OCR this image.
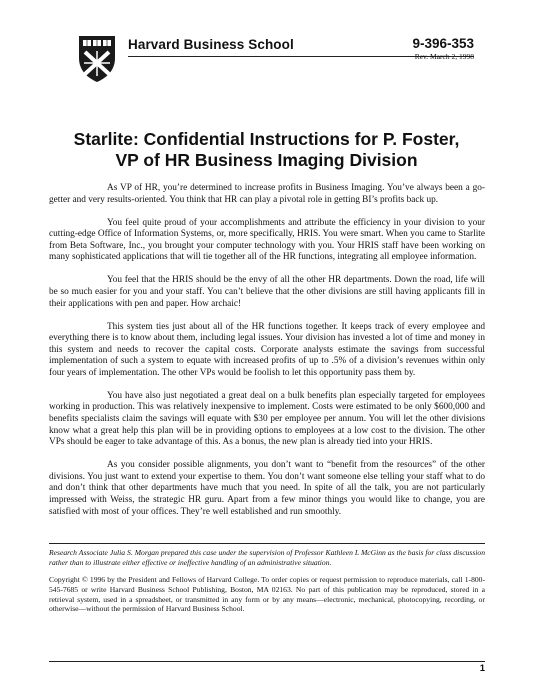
Harvard Business School	9-396-353
Rev. March 2, 1998
Starlite: Confidential Instructions for P. Foster,
VP of HR Business Imaging Division

As VP of HR, you’re determined to increase profits in Business Imaging. You’ve always been a go-getter and very results-oriented. You think that HR can play a pivotal role in getting BI’s profits back up.

You feel quite proud of your accomplishments and attribute the efficiency in your division to your cutting-edge Office of Information Systems, or, more specifically, HRIS. You were smart. When you came to Starlite from Beta Software, Inc., you brought your computer technology with you. Your HRIS staff have been working on many sophisticated applications that will tie together all of the HR functions, integrating all employee information.

You feel that the HRIS should be the envy of all the other HR departments. Down the road, life will be so much easier for you and your staff. You can’t believe that the other divisions are still having applicants fill in their applications with pen and paper. How archaic!

This system ties just about all of the HR functions together. It keeps track of every employee and everything there is to know about them, including legal issues. Your division has invested a lot of time and money in this system and needs to recover the capital costs. Corporate analysts estimate the savings from successful implementation of such a system to equate with increased profits of up to .5% of a division’s revenues within only four years of implementation. The other VPs would be foolish to let this opportunity pass them by.

You have also just negotiated a great deal on a bulk benefits plan especially targeted for employees working in production. This was relatively inexpensive to implement. Costs were estimated to be only $600,000 and benefits specialists claim the savings will equate with $30 per employee per annum. You will let the other divisions know what a great help this plan will be in providing options to employees at a low cost to the division. The other VPs should be eager to take advantage of this. As a bonus, the new plan is already tied into your HRIS.

As you consider possible alignments, you don’t want to “benefit from the resources” of the other divisions. You just want to extend your expertise to them. You don’t want someone else telling your staff what to do and don’t think that other departments have much that you need. In spite of all the talk, you are not particularly impressed with Weiss, the strategic HR guru. Apart from a few minor things you would like to change, you are satisfied with most of your offices. They’re well established and run smoothly.

Research Associate Julia S. Morgan prepared this case under the supervision of Professor Kathleen L McGinn as the basis for class discussion rather than to illustrate either effective or ineffective handling of an administrative situation.
Copyright © 1996 by the President and Fellows of Harvard College. To order copies or request permission to reproduce materials, call 1-800-545-7685 or write Harvard Business School Publishing, Boston, MA 02163. No part of this publication may be reproduced, stored in a retrieval system, used in a spreadsheet, or transmitted in any form or by any means—electronic, mechanical, photocopying, recording, or otherwise—without the permission of Harvard Business School.
1
